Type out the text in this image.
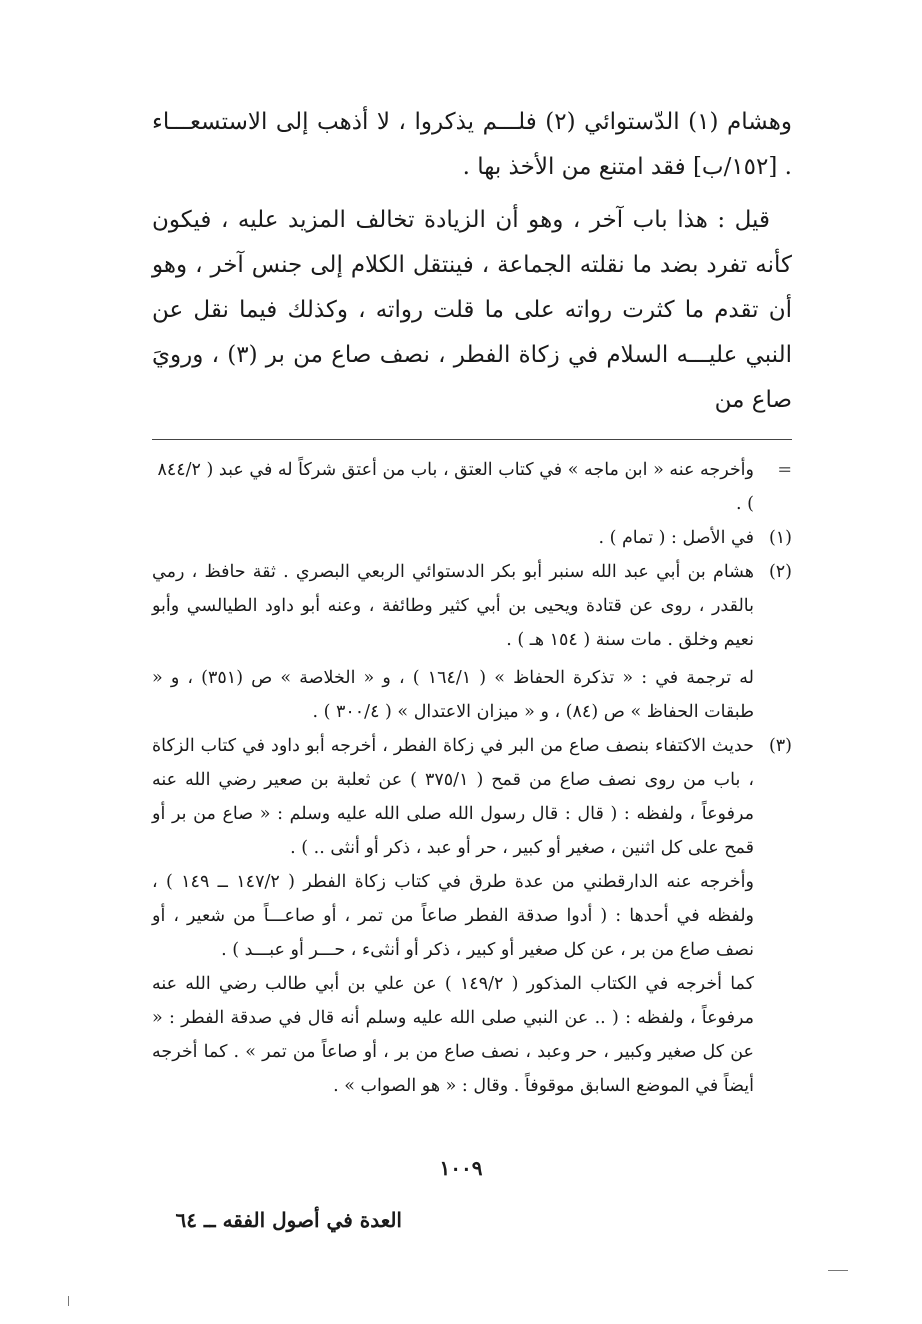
وهشام (١) الدّستوائي (٢) فلـــم يذكروا ، لا أذهب إلى الاستسعـــاء . [١٥٢/ب] فقد امتنع من الأخذ بها .

قيل : هذا باب آخر ، وهو أن الزيادة تخالف المزيد عليه ، فيكون كأنه تفرد بضد ما نقلته الجماعة ، فينتقل الكلام إلى جنس آخر ، وهو أن تقدم ما كثرت رواته على ما قلت رواته ، وكذلك فيما نقل عن النبي عليـــه السلام في زكاة الفطر ، نصف صاع من بر (٣) ، ورويَ صاع من

=

وأخرجه عنه « ابن ماجه » في كتاب العتق ، باب من أعتق شركاً له في عبد ( ٨٤٤/٢ ) .

(١)

في الأصل : ( تمام ) .

(٢)

هشام بن أبي عبد الله سنبر أبو بكر الدستوائي الربعي البصري . ثقة حافظ ، رمي بالقدر ، روى عن قتادة ويحيى بن أبي كثير وطائفة ، وعنه أبو داود الطيالسي وأبو نعيم وخلق . مات سنة ( ١٥٤ هـ ) .

له ترجمة في : « تذكرة الحفاظ » ( ١٦٤/١ ) ، و « الخلاصة » ص (٣٥١) ، و « طبقات الحفاظ » ص (٨٤) ، و « ميزان الاعتدال » ( ٣٠٠/٤ ) .

(٣)

حديث الاكتفاء بنصف صاع من البر في زكاة الفطر ، أخرجه أبو داود في كتاب الزكاة ، باب من روى نصف صاع من قمح ( ٣٧٥/١ ) عن ثعلبة بن صعير رضي الله عنه مرفوعاً ، ولفظه : ( قال : قال رسول الله صلى الله عليه وسلم : « صاع من بر أو قمح على كل اثنين ، صغير أو كبير ، حر أو عبد ، ذكر أو أنثى .. ) .

وأخرجه عنه الدارقطني من عدة طرق في كتاب زكاة الفطر ( ١٤٧/٢ ــ ١٤٩ ) ، ولفظه في أحدها : ( أدوا صدقة الفطر صاعاً من تمر ، أو صاعـــاً من شعير ، أو نصف صاع من بر ، عن كل صغير أو كبير ، ذكر أو أنثىء ، حـــر أو عبـــد ) .

كما أخرجه في الكتاب المذكور ( ١٤٩/٢ ) عن علي بن أبي طالب رضي الله عنه مرفوعاً ، ولفظه : ( .. عن النبي صلى الله عليه وسلم أنه قال في صدقة الفطر : « عن كل صغير وكبير ، حر وعبد ، نصف صاع من بر ، أو صاعاً من تمر » . كما أخرجه أيضاً في الموضع السابق موقوفاً . وقال : « هو الصواب » .

١٠٠٩
العدة في أصول الفقه ــ ٦٤
